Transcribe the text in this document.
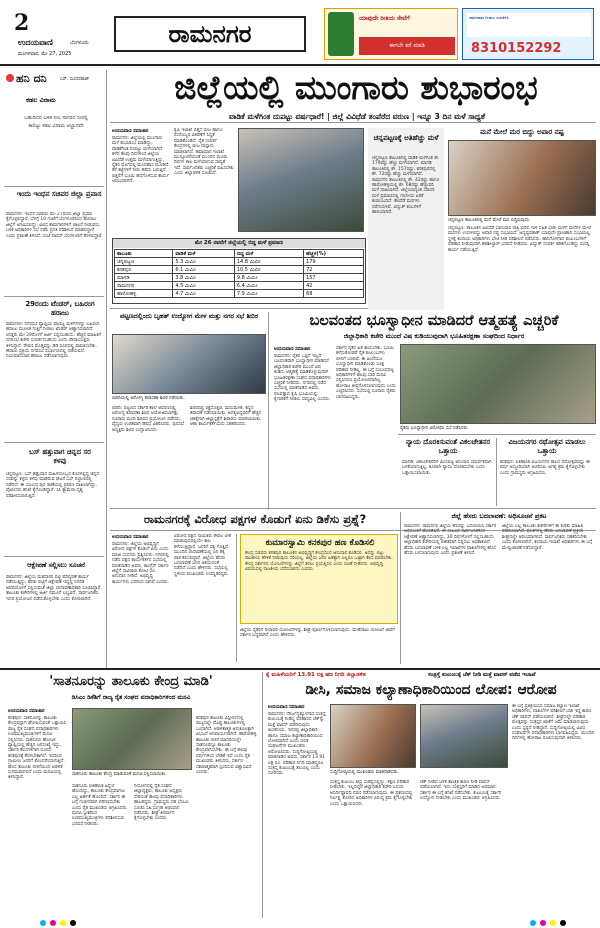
2
ಉದಯವಾಣಿ	ಬೆಂಗಳೂರು
ಮಂಗಳವಾರ, ಮೇ 27, 2025
ರಾಮನಗರ
ಯಾವುದೇ ರೀತಿಯ ಸೇವೆಗೆ
ಈಗಲೇ ಕರೆ ಮಾಡಿ
ಜಾಹೀರಾತು ನೀಡಲು ಸಂಪರ್ಕಿಸಿ
8310152292
ಹನಿ ದನಿ	ಎಸ್. ಸುಂದರರಾಜ್
ಕಡಲ ವಿರಾಮ
ಬಹುದಿನದ ಬಳಿಕ ನೀಲ ಸಾಗರದ ನೀರಲ್ಲಿ ಕಾಲಿಟ್ಟು ಕಡಲ ವಿರಾಮ ಆಲ್ಹಾದವೇ
ಇಂದು ಇಂಧನ ಸಚಿವರ ಜಿಲ್ಲಾ ಪ್ರವಾಸ
ರಾಮನಗರ: ಇಂಧನ ಸಚಿವರು ಮೇ 27ರಂದು ಜಿಲ್ಲಾ ಪ್ರವಾಸ ಕೈಗೊಳ್ಳಲಿದ್ದಾರೆ. ಬೆಳಗ್ಗೆ 10 ಗಂಟೆಗೆ ಬೆಂಗಳೂರಿನಿಂದ ಹೊರಟು ಜಿಲ್ಲೆಗೆ ಆಗಮಿಸಲಿದ್ದು, ವಿವಿಧ ಕಾಮಗಾರಿಗಳಿಗೆ ಚಾಲನೆ ನೀಡುವರು. ಬಳಿಕ ಅಧಿಕಾರಿಗಳ ಸಭೆ ನಡೆಸಿ ಪ್ರಗತಿ ಪರಿಶೀಲನೆ ಮಾಡಲಿದ್ದಾರೆ ಎಂದು ಪ್ರಕಟಣೆ ತಿಳಿಸಿದೆ. ಸಂಜೆ ವಾಪಸ್ ಬೆಂಗಳೂರಿಗೆ ತೆರಳಲಿದ್ದಾರೆ.
29ರಂದು ಟೆಂಡರ್, ಬಹಿರಂಗ ಹರಾಜು
ರಾಮನಗರ: ನಗರಸಭೆ ವ್ಯಾಪ್ತಿಯ ವಾಣಿಜ್ಯ ಮಳಿಗೆಗಳನ್ನು ಬಹಿರಂಗ ಹರಾಜು ಮೂಲಕ ಗುತ್ತಿಗೆ ನೀಡಲು ಟೆಂಡರ್ ಆಹ್ವಾನಿಸಲಾಗಿದೆ. ಆಸಕ್ತರು ಮೇ 29ರೊಳಗೆ ಅರ್ಜಿ ಸಲ್ಲಿಸಬಹುದು. ಹೆಚ್ಚಿನ ಮಾಹಿತಿಗೆ ನಗರಸಭೆ ಕಚೇರಿ ಸಂಪರ್ಕಿಸಬಹುದು ಎಂದು ಪೌರಾಯುಕ್ತರು ತಿಳಿಸಿದ್ದಾರೆ. ಠೇವಣಿ ಮೊತ್ತವನ್ನು ಡಿಡಿ ರೂಪದಲ್ಲಿ ಪಾವತಿಸಬೇಕು. ಹರಾಜು ಪ್ರಕ್ರಿಯೆ ನಗರಸಭೆ ಸಭಾಂಗಣದಲ್ಲಿ ನಡೆಯಲಿದೆ. ನಿಯಮಾನುಸಾರ ಹರಾಜು ನಡೆಸಲಾಗುವುದು.
ಬಸ್ ಹತ್ತುವಾಗ ಚಿನ್ನದ ಸರ ಕಳವು
ಚನ್ನಪಟ್ಟಣ: ಬಸ್ ಹತ್ತುವಾಗ ಮಹಿಳೆಯೊಬ್ಬರ ಕೊರಳಲ್ಲಿದ್ದ ಚಿನ್ನದ ಸರವನ್ನು ಕಳ್ಳರು ಕಳವು ಮಾಡಿರುವ ಘಟನೆ ಬಸ್ ನಿಲ್ದಾಣದಲ್ಲಿ ನಡೆದಿದೆ. ಈ ಸಂಬಂಧ ಪುರ ಠಾಣೆಯಲ್ಲಿ ಪ್ರಕರಣ ದಾಖಲಾಗಿದ್ದು, ಪೊಲೀಸರು ತನಿಖೆ ಕೈಗೊಂಡಿದ್ದಾರೆ. ಸಿಸಿ ಕ್ಯಾಮೆರಾ ದೃಶ್ಯ ಪರಿಶೀಲಿಸಲಾಗುತ್ತಿದೆ.
ಆಕ್ಷೇಪಣೆ ಸಲ್ಲಿಸಲು ಸೂಚನೆ
ರಾಮನಗರ: ಜಿಲ್ಲೆಯ ಮತದಾರರ ಪಟ್ಟಿ ಪರಿಷ್ಕರಣೆ ಕಾರ್ಯ ನಡೆಯುತ್ತಿದ್ದು, ಕರಡು ಪಟ್ಟಿಗೆ ಆಕ್ಷೇಪಣೆ ಇದ್ದಲ್ಲಿ ನಿಗದಿತ ಅವಧಿಯೊಳಗೆ ಸಲ್ಲಿಸುವಂತೆ ಜಿಲ್ಲಾ ಚುನಾವಣಾಧಿಕಾರಿ ಸೂಚಿಸಿದ್ದಾರೆ. ತಾಲೂಕು ಕಚೇರಿಗಳಲ್ಲಿ ಅರ್ಜಿ ನಮೂನೆ ಲಭ್ಯವಿದೆ. ಸಾರ್ವಜನಿಕರು ಇದರ ಪ್ರಯೋಜನ ಪಡೆದುಕೊಳ್ಳಬೇಕು ಎಂದು ಕೋರಲಾಗಿದೆ.
ಜಿಲ್ಲೆಯಲ್ಲಿ ಮುಂಗಾರು ಶುಭಾರಂಭ
ವಾಡಿಕೆ ಮಳೆಗಿಂತ ದುಪಟ್ಟು ವರ್ಷಧಾರೆ! | ಜಿಲ್ಲೆ ವಿವಿಧೆಡೆ ತಂಪೆರೆದ ವರುಣ | ಇನ್ನೂ 3 ದಿನ ಮಳೆ ಸಾಧ್ಯತೆ
ಉದಯವಾಣಿ ಸಮಾಚಾರ
ರಾಮನಗರ: ಜಿಲ್ಲೆಯಲ್ಲಿ ಮುಂಗಾರು ಮಳೆ ಶುಭಾರಂಭ ಮಾಡಿದ್ದು, ವಾಡಿಕೆಗಿಂತ ದುಪಟ್ಟು ಮಳೆಯಾಗಿದೆ. ಕಳೆದ ಕೆಲವು ದಿನಗಳಿಂದ ಜಿಲ್ಲೆಯ ವಿವಿಧೆಡೆ ಉತ್ತಮ ಮಳೆಯಾಗುತ್ತಿದ್ದು, ರೈತರ ಮೊಗದಲ್ಲಿ ಮಂದಹಾಸ ಮೂಡಿದೆ. ಕೆರೆ ಕಟ್ಟೆಗಳಿಗೆ ನೀರು ಹರಿದು ಬರುತ್ತಿದೆ. ಬಿತ್ತನೆಗೆ ಭೂಮಿ ಹದಗೊಳಿಸುವ ಕಾರ್ಯ ಆರಂಭವಾಗಿದೆ.
ಕೃಷಿ ಇಲಾಖೆ ಬಿತ್ತನೆ ಬೀಜ ಹಾಗೂ ರಸಗೊಬ್ಬರ ವಿತರಣೆಗೆ ಸಿದ್ಧತೆ ಮಾಡಿಕೊಂಡಿದೆ. ರೈತ ಸಂಪರ್ಕ ಕೇಂದ್ರಗಳಲ್ಲಿ ಬೀಜ ದಾಸ್ತಾನು ಮಾಡಲಾಗಿದೆ. ಹವಾಮಾನ ಇಲಾಖೆ ಮುನ್ಸೂಚನೆಯಂತೆ ಮುಂದಿನ ಮೂರು ದಿನಗಳ ಕಾಲ ಮಳೆಯಾಗುವ ಸಾಧ್ಯತೆ ಇದೆ. ಸಾರ್ವಜನಿಕರು ಎಚ್ಚರಿಕೆ ವಹಿಸಬೇಕು ಎಂದು ಜಿಲ್ಲಾಡಳಿತ ಸೂಚಿಸಿದೆ.
ಮೇ 26 ರವರೆಗೆ ಜಿಲ್ಲೆಯಲ್ಲಿ ಬಿದ್ದ ಮಳೆ ಪ್ರಮಾಣ
ತಾಲೂಕು	ವಾಡಿಕೆ ಮಳೆ	ಬಿದ್ದ ಮಳೆ	ಹೆಚ್ಚಳ(%)
ಚನ್ನಪಟ್ಟಣ	5.3 ಮಿಮೀ	14.8 ಮಿಮೀ	179
ಕನಕಪುರ	6.1 ಮಿಮೀ	10.5 ಮಿಮೀ	72
ಮಾಗಡಿ	3.8 ಮಿಮೀ	9.8 ಮಿಮೀ	157
ರಾಮನಗರ	4.5 ಮಿಮೀ	6.4 ಮಿಮೀ	42
ಹಾರೋಹಳ್ಳಿ	4.7 ಮಿಮೀ	7.9 ಮಿಮೀ	68
ಚನ್ನಪಟ್ಟಣಕ್ಕೆ ಅತಿಹೆಚ್ಚು ಮಳೆ
ಚನ್ನಪಟ್ಟಣ ತಾಲೂಕಿನಲ್ಲಿ ವಾಡಿಕೆ ಮಳೆಗಿಂತ ಶೇ. 179ರಷ್ಟು ಹೆಚ್ಚು ಮಳೆಯಾಗಿದೆ. ಮಾಗಡಿ ತಾಲೂಕಿನಲ್ಲಿ ಶೇ. 157ರಷ್ಟು, ಕನಕಪುರದಲ್ಲಿ ಶೇ. 72ರಷ್ಟು ಹೆಚ್ಚು ಮಳೆಯಾಗಿದೆ. ರಾಮನಗರ ತಾಲೂಕಿನಲ್ಲಿ ಶೇ. 42ರಷ್ಟು ಹಾಗೂ ಹಾರೋಹಳ್ಳಿಯಲ್ಲಿ ಶೇ. 68ರಷ್ಟು ಹೆಚ್ಚುವರಿ ಮಳೆ ದಾಖಲಾಗಿದೆ. ಜಿಲ್ಲೆಯಾದ್ಯಂತ ಸರಾಸರಿ ಮಳೆ ಪ್ರಮಾಣದಲ್ಲಿ ಗಣನೀಯ ಏರಿಕೆ ಕಂಡುಬಂದಿದೆ. ಕೆಲವೆಡೆ ಮರಗಳು ಧರೆಗುರುಳಿವೆ. ವಿದ್ಯುತ್ ಕಂಬಗಳಿಗೆ ಹಾನಿಯಾಗಿದೆ.
ಮನೆ ಮೇಲೆ ಮರ ಬಿದ್ದು ಅಪಾರ ನಷ್ಟ
ಚನ್ನಪಟ್ಟಣ ತಾಲೂಕಿನಲ್ಲಿ ಮನೆ ಮೇಲೆ ಮರ ಬಿದ್ದಿರುವುದು.
ಚನ್ನಪಟ್ಟಣ: ತಾಲೂಕಿನ ವಿವಿಧೆಡೆ ಭಾನುವಾರ ರಾತ್ರಿ ಸುರಿದ ಗಾಳಿ ಸಹಿತ ಭಾರೀ ಮಳೆಗೆ ಮನೆಗಳ ಮೇಲೆ ಮರಗಳು ಉರುಳಿಬಿದ್ದು ಅಪಾರ ನಷ್ಟ ಸಂಭವಿಸಿದೆ. ಅದೃಷ್ಟವಶಾತ್ ಯಾವುದೇ ಪ್ರಾಣಹಾನಿ ಸಂಭವಿಸಿಲ್ಲ. ಸ್ಥಳಕ್ಕೆ ಕಂದಾಯ ಅಧಿಕಾರಿಗಳು ಭೇಟಿ ನೀಡಿ ಪರಿಶೀಲನೆ ನಡೆಸಿದರು. ಹಾನಿಗೊಳಗಾದ ಕುಟುಂಬಗಳಿಗೆ ಪರಿಹಾರ ನೀಡುವುದಾಗಿ ತಹಶೀಲ್ದಾರ್ ಭರವಸೆ ನೀಡಿದರು. ವಿದ್ಯುತ್ ಸಂಪರ್ಕ ಕಡಿತಗೊಂಡಿದ್ದು ದುರಸ್ತಿ ಕಾರ್ಯ ನಡೆಯುತ್ತಿದೆ.
ಪಟ್ಟಣದಲ್ಲಿಂದು ಬೃಹತ್ ಉದ್ಯೋಗ ಮೇಳ ಮತ್ತು ನಗರ ಸಭೆ ಶಿಬಿರ
ಬಿಡದಿಯಲ್ಲಿ ಆರೋಗ್ಯ ತಪಾಸಣಾ ಶಿಬಿರ ನಡೆಯಿತು.
ಬಿಡದಿ: ಪಟ್ಟಣದ ಸರ್ಕಾರಿ ಶಾಲೆ ಆವರಣದಲ್ಲಿ ಆರೋಗ್ಯ ತಪಾಸಣಾ ಶಿಬಿರ ಆಯೋಜಿಸಲಾಗಿತ್ತು. ನೂರಾರು ಮಂದಿ ಶಿಬಿರದ ಪ್ರಯೋಜನ ಪಡೆದರು. ವೈದ್ಯರು ಉಚಿತವಾಗಿ ಔಷಧ ವಿತರಿಸಿದರು. ಪುರಸಭೆ ಅಧ್ಯಕ್ಷರು ಶಿಬಿರ ಉದ್ಘಾಟಿಸಿದರು.
ಶಿಬಿರದಲ್ಲಿ ರಕ್ತದೊತ್ತಡ, ಮಧುಮೇಹ, ಕಣ್ಣಿನ ತಪಾಸಣೆ ನಡೆಸಲಾಯಿತು. ಅಗತ್ಯವಿದ್ದವರಿಗೆ ಹೆಚ್ಚಿನ ಚಿಕಿತ್ಸೆಗಾಗಿ ಜಿಲ್ಲಾಸ್ಪತ್ರೆಗೆ ಶಿಫಾರಸು ಮಾಡಲಾಯಿತು. ಆಶಾ ಕಾರ್ಯಕರ್ತೆಯರು ಸಹಕರಿಸಿದರು.
ಬಲವಂತದ ಭೂಸ್ವಾಧೀನ ಮಾಡಿದರೆ ಆತ್ಮಹತ್ಯೆ ಎಚ್ಚರಿಕೆ
ಜಿಲ್ಲಾಧಿಕಾರಿ ಕಚೇರಿ ಮುಂದೆ ವಿಷ ಕುಡಿಯುವುದಾಗಿ ಭೂಹಿತರಕ್ಷಣಾ ಸಂಘದಿಂದ ನಿರ್ಧಾರ
ಉದಯವಾಣಿ ಸಮಾಚಾರ
ರಾಮನಗರ: ರೈತರ ಒಪ್ಪಿಗೆ ಇಲ್ಲದೆ ಬಲವಂತವಾಗಿ ಭೂಸ್ವಾಧೀನ ಮಾಡಿದರೆ ಜಿಲ್ಲಾಧಿಕಾರಿ ಕಚೇರಿ ಮುಂದೆ ವಿಷ ಕುಡಿದು ಆತ್ಮಹತ್ಯೆ ಮಾಡಿಕೊಳ್ಳುವುದಾಗಿ ಭೂಹಿತರಕ್ಷಣಾ ಸಂಘದ ಪದಾಧಿಕಾರಿಗಳು ಎಚ್ಚರಿಕೆ ನೀಡಿದರು. ನಗರದಲ್ಲಿ ನಡೆದ ಸಭೆಯಲ್ಲಿ ಮಾತನಾಡಿದ ಅವರು, ಫಲವತ್ತಾದ ಕೃಷಿ ಭೂಮಿಯನ್ನು ಕೈಗಾರಿಕೆಗೆ ನೀಡಲು ಸಾಧ್ಯವಿಲ್ಲ ಎಂದರು.
ಸರ್ಕಾರ ರೈತರ ಹಿತ ಕಾಯಬೇಕು. ಭೂಮಿ ಕಳೆದುಕೊಂಡರೆ ರೈತ ಕುಟುಂಬಗಳು ಬೀದಿಗೆ ಬರಲಿವೆ. ಈ ಹಿಂದೆಯೂ ಭೂಸ್ವಾಧೀನ ಮಾಡಿಕೊಂಡು ಸೂಕ್ತ ಪರಿಹಾರ ನೀಡಿಲ್ಲ. ಈ ಬಗ್ಗೆ ಸಂಬಂಧಪಟ್ಟ ಅಧಿಕಾರಿಗಳಿಗೆ ಹಲವು ಬಾರಿ ಮನವಿ ಸಲ್ಲಿಸಿದರೂ ಪ್ರಯೋಜನವಾಗಿಲ್ಲ. ಹೋರಾಟ ತೀವ್ರಗೊಳಿಸಲಾಗುವುದು ಎಂದು ಎಚ್ಚರಿಸಿದರು. ಸಭೆಯಲ್ಲಿ ನೂರಾರು ರೈತರು ಭಾಗವಹಿಸಿದ್ದರು.
ರೈತರು ಭೂಸ್ವಾಧೀನ ವಿರೋಧಿಸಿ ಸಭೆ ನಡೆಸಿದರು.
ನ್ಯಾಯ ದೊರಕಿಸುವಂತೆ ವಿಕಲಚೇತನರ ಒತ್ತಾಯ
ಮಾಗಡಿ: ವಿಕಲಚೇತನರಿಗೆ ಮೀಸಲಿಟ್ಟ ಅನುದಾನ ಸಮರ್ಪಕವಾಗಿ ಬಳಕೆಯಾಗುತ್ತಿಲ್ಲ. ಕೂಡಲೇ ನ್ಯಾಯ ದೊರಕಿಸಬೇಕು ಎಂದು ಒತ್ತಾಯಿಸಲಾಯಿತು.
ವಿಜಯನಗರ ರಥೋತ್ಸವ ಮಾಡಲು ಒತ್ತಾಯ
ಕನಕಪುರ: ಐತಿಹಾಸಿಕ ವಿಜಯನಗರ ಕಾಲದ ರಥೋತ್ಸವವನ್ನು ಈ ವರ್ಷ ಅದ್ದೂರಿಯಾಗಿ ಆಚರಿಸಲು ಅಗತ್ಯ ಕ್ರಮ ಕೈಗೊಳ್ಳಬೇಕು ಎಂದು ಗ್ರಾಮಸ್ಥರು ಆಗ್ರಹಿಸಿದರು.
ಜಿಲ್ಲೆ ಹೆಸರು ಬದಲಾವಣೆ: ಅಧಿಸೂಚನೆ ಪ್ರಕಟ
ರಾಮನಗರಕ್ಕೆ ವಿರೋಧ ಪಕ್ಷಗಳ ಕೊಡುಗೆ ಏನು ಡಿಕೆಸು ಪ್ರಶ್ನೆ?
ಉದಯವಾಣಿ ಸಮಾಚಾರ
ರಾಮನಗರ: ಜಿಲ್ಲೆಯ ಅಭಿವೃದ್ಧಿಗೆ ವಿರೋಧ ಪಕ್ಷಗಳ ಕೊಡುಗೆ ಏನು ಎಂದು ಮಾಜಿ ಸಂಸದರು ಪ್ರಶ್ನಿಸಿದರು. ನಗರದಲ್ಲಿ ನಡೆದ ಪಕ್ಷದ ಕಾರ್ಯಕರ್ತರ ಸಭೆಯಲ್ಲಿ ಮಾತನಾಡಿದ ಅವರು, ಕಾಂಗ್ರೆಸ್ ಸರ್ಕಾರ ಜಿಲ್ಲೆಗೆ ಸಾವಿರಾರು ಕೋಟಿ ರೂ. ಅನುದಾನ ನೀಡಿದೆ. ಅಭಿವೃದ್ಧಿ ಕಾರ್ಯಗಳು ಭರದಿಂದ ಸಾಗಿವೆ ಎಂದರು.
ವಿರೋಧ ಪಕ್ಷದ ನಾಯಕರು ಕೇವಲ ಟೀಕೆ ಮಾಡುವುದರಲ್ಲಿಯೇ ಕಾಲ ಕಳೆಯುತ್ತಿದ್ದಾರೆ. ಜನರಿಗೆ ಸತ್ಯ ಗೊತ್ತಿದೆ. ಮುಂದಿನ ಚುನಾವಣೆಯಲ್ಲಿ ಜನ ತಕ್ಕ ಪಾಠ ಕಲಿಸಲಿದ್ದಾರೆ. ಜಿಲ್ಲೆಯ ಹೆಸರು ಬದಲಾವಣೆ ಜನರ ಆಶಯದಂತೆ ನಡೆದಿದೆ ಎಂದು ಹೇಳಿದರು. ಸಭೆಯಲ್ಲಿ ಸ್ಥಳೀಯ ಮುಖಂಡರು ಉಪಸ್ಥಿತರಿದ್ದರು.
ಕುಮಾರಸ್ವಾಮಿ ಕನಕಪುರ ಹಣ ಕೊಡಿಸಲಿ
ಕೇಂದ್ರ ಸಚಿವರು ಕನಕಪುರ ತಾಲೂಕಿನ ಅಭಿವೃದ್ಧಿಗೆ ಕೇಂದ್ರದಿಂದ ಅನುದಾನ ಕೊಡಿಸಲಿ. ಅದನ್ನು ಬಿಟ್ಟು ರಾಜಕೀಯ ಹೇಳಿಕೆ ನೀಡುವುದು ಸರಿಯಲ್ಲ. ಜಿಲ್ಲೆಯ ಜನರ ಹಿತಕ್ಕಾಗಿ ಎಲ್ಲರೂ ಒಟ್ಟಾಗಿ ಕೆಲಸ ಮಾಡಬೇಕು. ಕೇಂದ್ರ ಸರ್ಕಾರದ ಯೋಜನೆಗಳನ್ನು ಜಿಲ್ಲೆಗೆ ತರಲು ಪ್ರಯತ್ನಿಸಲಿ ಎಂದು ಸಲಹೆ ನೀಡಿದರು. ಅಭಿವೃದ್ಧಿ ವಿಷಯದಲ್ಲಿ ರಾಜಕೀಯ ಬೆರೆಸಬಾರದು ಎಂದರು.
ಜಿಲ್ಲೆಯ ರೈತರಿಗೆ ನೀರಾವರಿ ಯೋಜನೆಗಳನ್ನು ಶೀಘ್ರ ಪೂರ್ಣಗೊಳಿಸಲಾಗುವುದು. ಮೇಕೆದಾಟು ಯೋಜನೆ ಜಾರಿಗೆ ಸರ್ಕಾರ ಬದ್ಧವಾಗಿದೆ ಎಂದು ಹೇಳಿದರು.
ರಾಮನಗರ: ರಾಮನಗರ ಜಿಲ್ಲೆಯ ಹೆಸರನ್ನು ಬದಲಾಯಿಸಿ ಸರ್ಕಾರ ಅಧಿಸೂಚನೆ ಹೊರಡಿಸಿದೆ. ಈ ಸಂಬಂಧ ಸಾರ್ವಜನಿಕರಿಂದ ಆಕ್ಷೇಪಣೆ ಆಹ್ವಾನಿಸಲಾಗಿದ್ದು, 30 ದಿನಗಳೊಳಗೆ ಸಲ್ಲಿಸಬಹುದು. ಜಿಲ್ಲಾಧಿಕಾರಿ ಕಚೇರಿಯಲ್ಲಿ ಲಿಖಿತವಾಗಿ ಸಲ್ಲಿಸಲು ಅವಕಾಶವಿದೆ. ಹೆಸರು ಬದಲಾವಣೆ ಬಳಿಕ ಎಲ್ಲ ಇಲಾಖೆಗಳ ದಾಖಲೆಗಳಲ್ಲಿ ಹೊಸ ಹೆಸರು ಬಳಸಲಾಗುವುದು ಎಂದು ಪ್ರಕಟಣೆ ತಿಳಿಸಿದೆ.
ಜಿಲ್ಲೆಯ ಎಲ್ಲ ತಾಲೂಕು ಕಚೇರಿಗಳಿಗೆ ಈ ಕುರಿತು ಮಾಹಿತಿ ರವಾನಿಸಲಾಗಿದೆ. ಫಲಕಗಳಲ್ಲಿ ಹೆಸರು ಬದಲಾವಣೆ ಪ್ರಕ್ರಿಯೆ ಶೀಘ್ರದಲ್ಲೇ ಆರಂಭವಾಗಲಿದೆ. ಸಾರ್ವಜನಿಕರು ಸಹಕರಿಸಬೇಕು ಎಂದು ಕೋರಲಾಗಿದೆ. ಕಂದಾಯ ಇಲಾಖೆ ಅಧಿಕಾರಿಗಳು ಈ ಬಗ್ಗೆ ಮೇಲ್ವಿಚಾರಣೆ ನಡೆಸಲಿದ್ದಾರೆ.
'ಸಾತನೂರನ್ನು ತಾಲೂಕು ಕೇಂದ್ರ ಮಾಡಿ'
ಡಿಸಿಎಂ ಡಿಕೆಶಿಗೆ ರಾಜ್ಯ ರೈತ ಸಂಘದ ಪದಾಧಿಕಾರಿಗಳಿಂದ ಮನವಿ
ಉದಯವಾಣಿ ಸಮಾಚಾರ
ಕನಕಪುರ: ಸಾತನೂರನ್ನು ತಾಲೂಕು ಕೇಂದ್ರವನ್ನಾಗಿ ಘೋಷಿಸುವಂತೆ ಒತ್ತಾಯಿಸಿ ರಾಜ್ಯ ರೈತ ಸಂಘದ ಪದಾಧಿಕಾರಿಗಳು ಉಪಮುಖ್ಯಮಂತ್ರಿಗಳಿಗೆ ಮನವಿ ಸಲ್ಲಿಸಿದರು. ಸಾತನೂರು ಹೋಬಳಿ ವ್ಯಾಪ್ತಿಯಲ್ಲಿ ಹೆಚ್ಚಿನ ಜನಸಂಖ್ಯೆ ಇದ್ದು, ಸರ್ಕಾರಿ ಕೆಲಸಗಳಿಗಾಗಿ ದೂರದ ಕನಕಪುರಕ್ಕೆ ತೆರಳಬೇಕಾಗಿದೆ. ಇದರಿಂದ ಗ್ರಾಮೀಣ ಜನರಿಗೆ ತೊಂದರೆಯಾಗುತ್ತಿದೆ. ಹೊಸ ತಾಲೂಕು ರಚನೆಯಿಂದ ಆಡಳಿತ ಸುಗಮವಾಗಲಿದೆ ಎಂದು ಮನವಿಯಲ್ಲಿ ತಿಳಿಸಿದ್ದಾರೆ.
ಸಾತನೂರು ತಾಲೂಕು ಕೇಂದ್ರ ಮಾಡುವಂತೆ ಮನವಿ ಸಲ್ಲಿಸಲಾಯಿತು.
ಸಾತನೂರು ಐತಿಹಾಸಿಕ ಹಿನ್ನೆಲೆ ಹೊಂದಿದ್ದು, ತಾಲೂಕು ಕೇಂದ್ರವಾಗಲು ಎಲ್ಲ ಅರ್ಹತೆ ಹೊಂದಿದೆ. ಸರ್ಕಾರ ಈ ಬಗ್ಗೆ ಗಂಭೀರವಾಗಿ ಪರಿಗಣಿಸಬೇಕು ಎಂದು ರೈತ ಮುಖಂಡರು ಆಗ್ರಹಿಸಿದರು. ಮನವಿ ಸ್ವೀಕರಿಸಿದ ಉಪಮುಖ್ಯಮಂತ್ರಿಗಳು ಪರಿಶೀಲಿಸುವ ಭರವಸೆ ನೀಡಿದರು.
ನಿಯೋಗದಲ್ಲಿ ರೈತ ಸಂಘದ ಜಿಲ್ಲಾಧ್ಯಕ್ಷರು, ತಾಲೂಕು ಅಧ್ಯಕ್ಷರು ಸೇರಿದಂತೆ ಹಲವು ಪದಾಧಿಕಾರಿಗಳು ಹಾಜರಿದ್ದರು. ಗ್ರಾಮಸ್ಥರು ಸಹ ಬೆಂಬಲ ಸೂಚಿಸಿ ಸಹಿ ಸಂಗ್ರಹ ಅಭಿಯಾನ ನಡೆಸಿದರು. ಶೀಘ್ರ ತೀರ್ಮಾನ ಕೈಗೊಳ್ಳಬೇಕು ಎಂದರು.
ಕನಕಪುರ ತಾಲೂಕು ವಿಸ್ತೀರ್ಣದಲ್ಲಿ ರಾಜ್ಯದಲ್ಲೇ ದೊಡ್ಡ ತಾಲೂಕುಗಳಲ್ಲಿ ಒಂದಾಗಿದೆ. ಆಡಳಿತಾತ್ಮಕ ಅನುಕೂಲಕ್ಕಾಗಿ ವಿಭಜನೆ ಅನಿವಾರ್ಯವಾಗಿದೆ. ಹಾರೋಹಳ್ಳಿ ತಾಲೂಕು ರಚನೆ ಮಾದರಿಯಲ್ಲೇ ಸಾತನೂರನ್ನೂ ತಾಲೂಕು ಕೇಂದ್ರವಾಗಿಸಬೇಕು. ಈ ಬಗ್ಗೆ ಹಲವು ವರ್ಷಗಳಿಂದ ಬೇಡಿಕೆ ಇದೆ ಎಂದು ರೈತ ಮುಖಂಡರು ತಿಳಿಸಿದರು. ಸರ್ಕಾರ ಸಕಾರಾತ್ಮಕವಾಗಿ ಸ್ಪಂದಿಸುವ ವಿಶ್ವಾಸವಿದೆ ಎಂದರು.
ಕೈ ಮಹಿಳೆಯರಿಗೆ 13.91 ಲಕ್ಷ ಹಣ ನಿಗದಿ ಜಿಲ್ಲಾಡಳಿತ	ಸಂತ್ರಸ್ತೆ ಕುಟುಂಬಕ್ಕೆ ಚೆಕ್ ನೀಡಿ ಮತ್ತೆ ವಾಪಸ್ ಪಡೆದ ಇಲಾಖೆ
ಡೀಸಿ, ಸಮಾಜ ಕಲ್ಯಾಣಾಧಿಕಾರಿಯಿಂದ ಲೋಪ: ಆರೋಪ
ಉದಯವಾಣಿ ಸಮಾಚಾರ
ರಾಮನಗರ: ದೌರ್ಜನ್ಯಕ್ಕೊಳಗಾದ ಸಂತ್ರಸ್ತೆ ಕುಟುಂಬಕ್ಕೆ ನೀಡಿದ್ದ ಪರಿಹಾರದ ಚೆಕ್‌ನ್ನು ಮತ್ತೆ ವಾಪಸ್ ಪಡೆದಿರುವುದು ಖಂಡನೀಯ. ಇದರಲ್ಲಿ ಜಿಲ್ಲಾಧಿಕಾರಿ ಹಾಗೂ ಸಮಾಜ ಕಲ್ಯಾಣಾಧಿಕಾರಿಯಿಂದ ಲೋಪವಾಗಿದೆ ಎಂದು ದಲಿತ ಸಂಘಟನೆಗಳ ಮುಖಂಡರು ಆರೋಪಿಸಿದರು. ಸುದ್ದಿಗೋಷ್ಠಿಯಲ್ಲಿ ಮಾತನಾಡಿದ ಅವರು, ಸರ್ಕಾರ 13.91 ಲಕ್ಷ ರೂ. ಪರಿಹಾರ ನಿಗದಿ ಮಾಡಿದ್ದರೂ ಸಂತ್ರಸ್ತ ಕುಟುಂಬಕ್ಕೆ ತಲುಪಿಲ್ಲ ಎಂದು ದೂರಿದರು.	ಸುದ್ದಿಗೋಷ್ಠಿಯಲ್ಲಿ ಮುಖಂಡರು ಮಾತನಾಡಿದರು.
ಸಂತ್ರಸ್ತ ಕುಟುಂಬ ತೀವ್ರ ಸಂಕಷ್ಟದಲ್ಲಿದ್ದು, ತಕ್ಷಣ ಪರಿಹಾರ ನೀಡಬೇಕು. ಇಲ್ಲದಿದ್ದರೆ ಜಿಲ್ಲಾಧಿಕಾರಿ ಕಚೇರಿ ಎದುರು ಅನಿರ್ದಿಷ್ಟಾವಧಿ ಧರಣಿ ನಡೆಸಲಾಗುವುದು. ಈ ಪ್ರಕರಣದಲ್ಲಿ ನಿರ್ಲಕ್ಷ್ಯ ತೋರಿದ ಅಧಿಕಾರಿಗಳ ವಿರುದ್ಧ ಕ್ರಮ ಕೈಗೊಳ್ಳಬೇಕು ಎಂದು ಒತ್ತಾಯಿಸಿದರು.
ಚೆಕ್ ನೀಡಿದ ಬಳಿಕ ತಾಂತ್ರಿಕ ಕಾರಣ ನೀಡಿ ವಾಪಸ್ ಪಡೆಯಲಾಗಿದೆ. ಇದು ಸಂತ್ರಸ್ತರಿಗೆ ಮಾಡಿದ ಅವಮಾನ. ಸರ್ಕಾರ ಈ ಬಗ್ಗೆ ತನಿಖೆ ನಡೆಸಬೇಕು. ಕುಟುಂಬಕ್ಕೆ ಸರ್ಕಾರಿ ಉದ್ಯೋಗ ನೀಡಬೇಕು ಎಂದು ಮುಖಂಡರು ಆಗ್ರಹಿಸಿದರು.
ಈ ಬಗ್ಗೆ ಪ್ರತಿಕ್ರಿಯಿಸಿದ ಸಮಾಜ ಕಲ್ಯಾಣ ಇಲಾಖೆ ಅಧಿಕಾರಿಗಳು, ದಾಖಲೆಗಳ ಪರಿಶೀಲನೆ ಬಾಕಿ ಇದ್ದ ಕಾರಣ ಚೆಕ್ ವಾಪಸ್ ಪಡೆಯಲಾಗಿದೆ. ಶೀಘ್ರದಲ್ಲೇ ಪರಿಹಾರ ಮೊತ್ತವನ್ನು ಸಂತ್ರಸ್ತರ ಖಾತೆಗೆ ಜಮೆ ಮಾಡಲಾಗುವುದು ಎಂದು ಸ್ಪಷ್ಟನೆ ನೀಡಿದ್ದಾರೆ. ಸುದ್ದಿಗೋಷ್ಠಿಯಲ್ಲಿ ವಿವಿಧ ಸಂಘಟನೆಗಳ ಪದಾಧಿಕಾರಿಗಳು ಭಾಗವಹಿಸಿದ್ದರು. ಮುಂದಿನ ದಿನಗಳಲ್ಲಿ ಹೋರಾಟ ರೂಪಿಸುವುದಾಗಿ ತಿಳಿಸಿದರು.
